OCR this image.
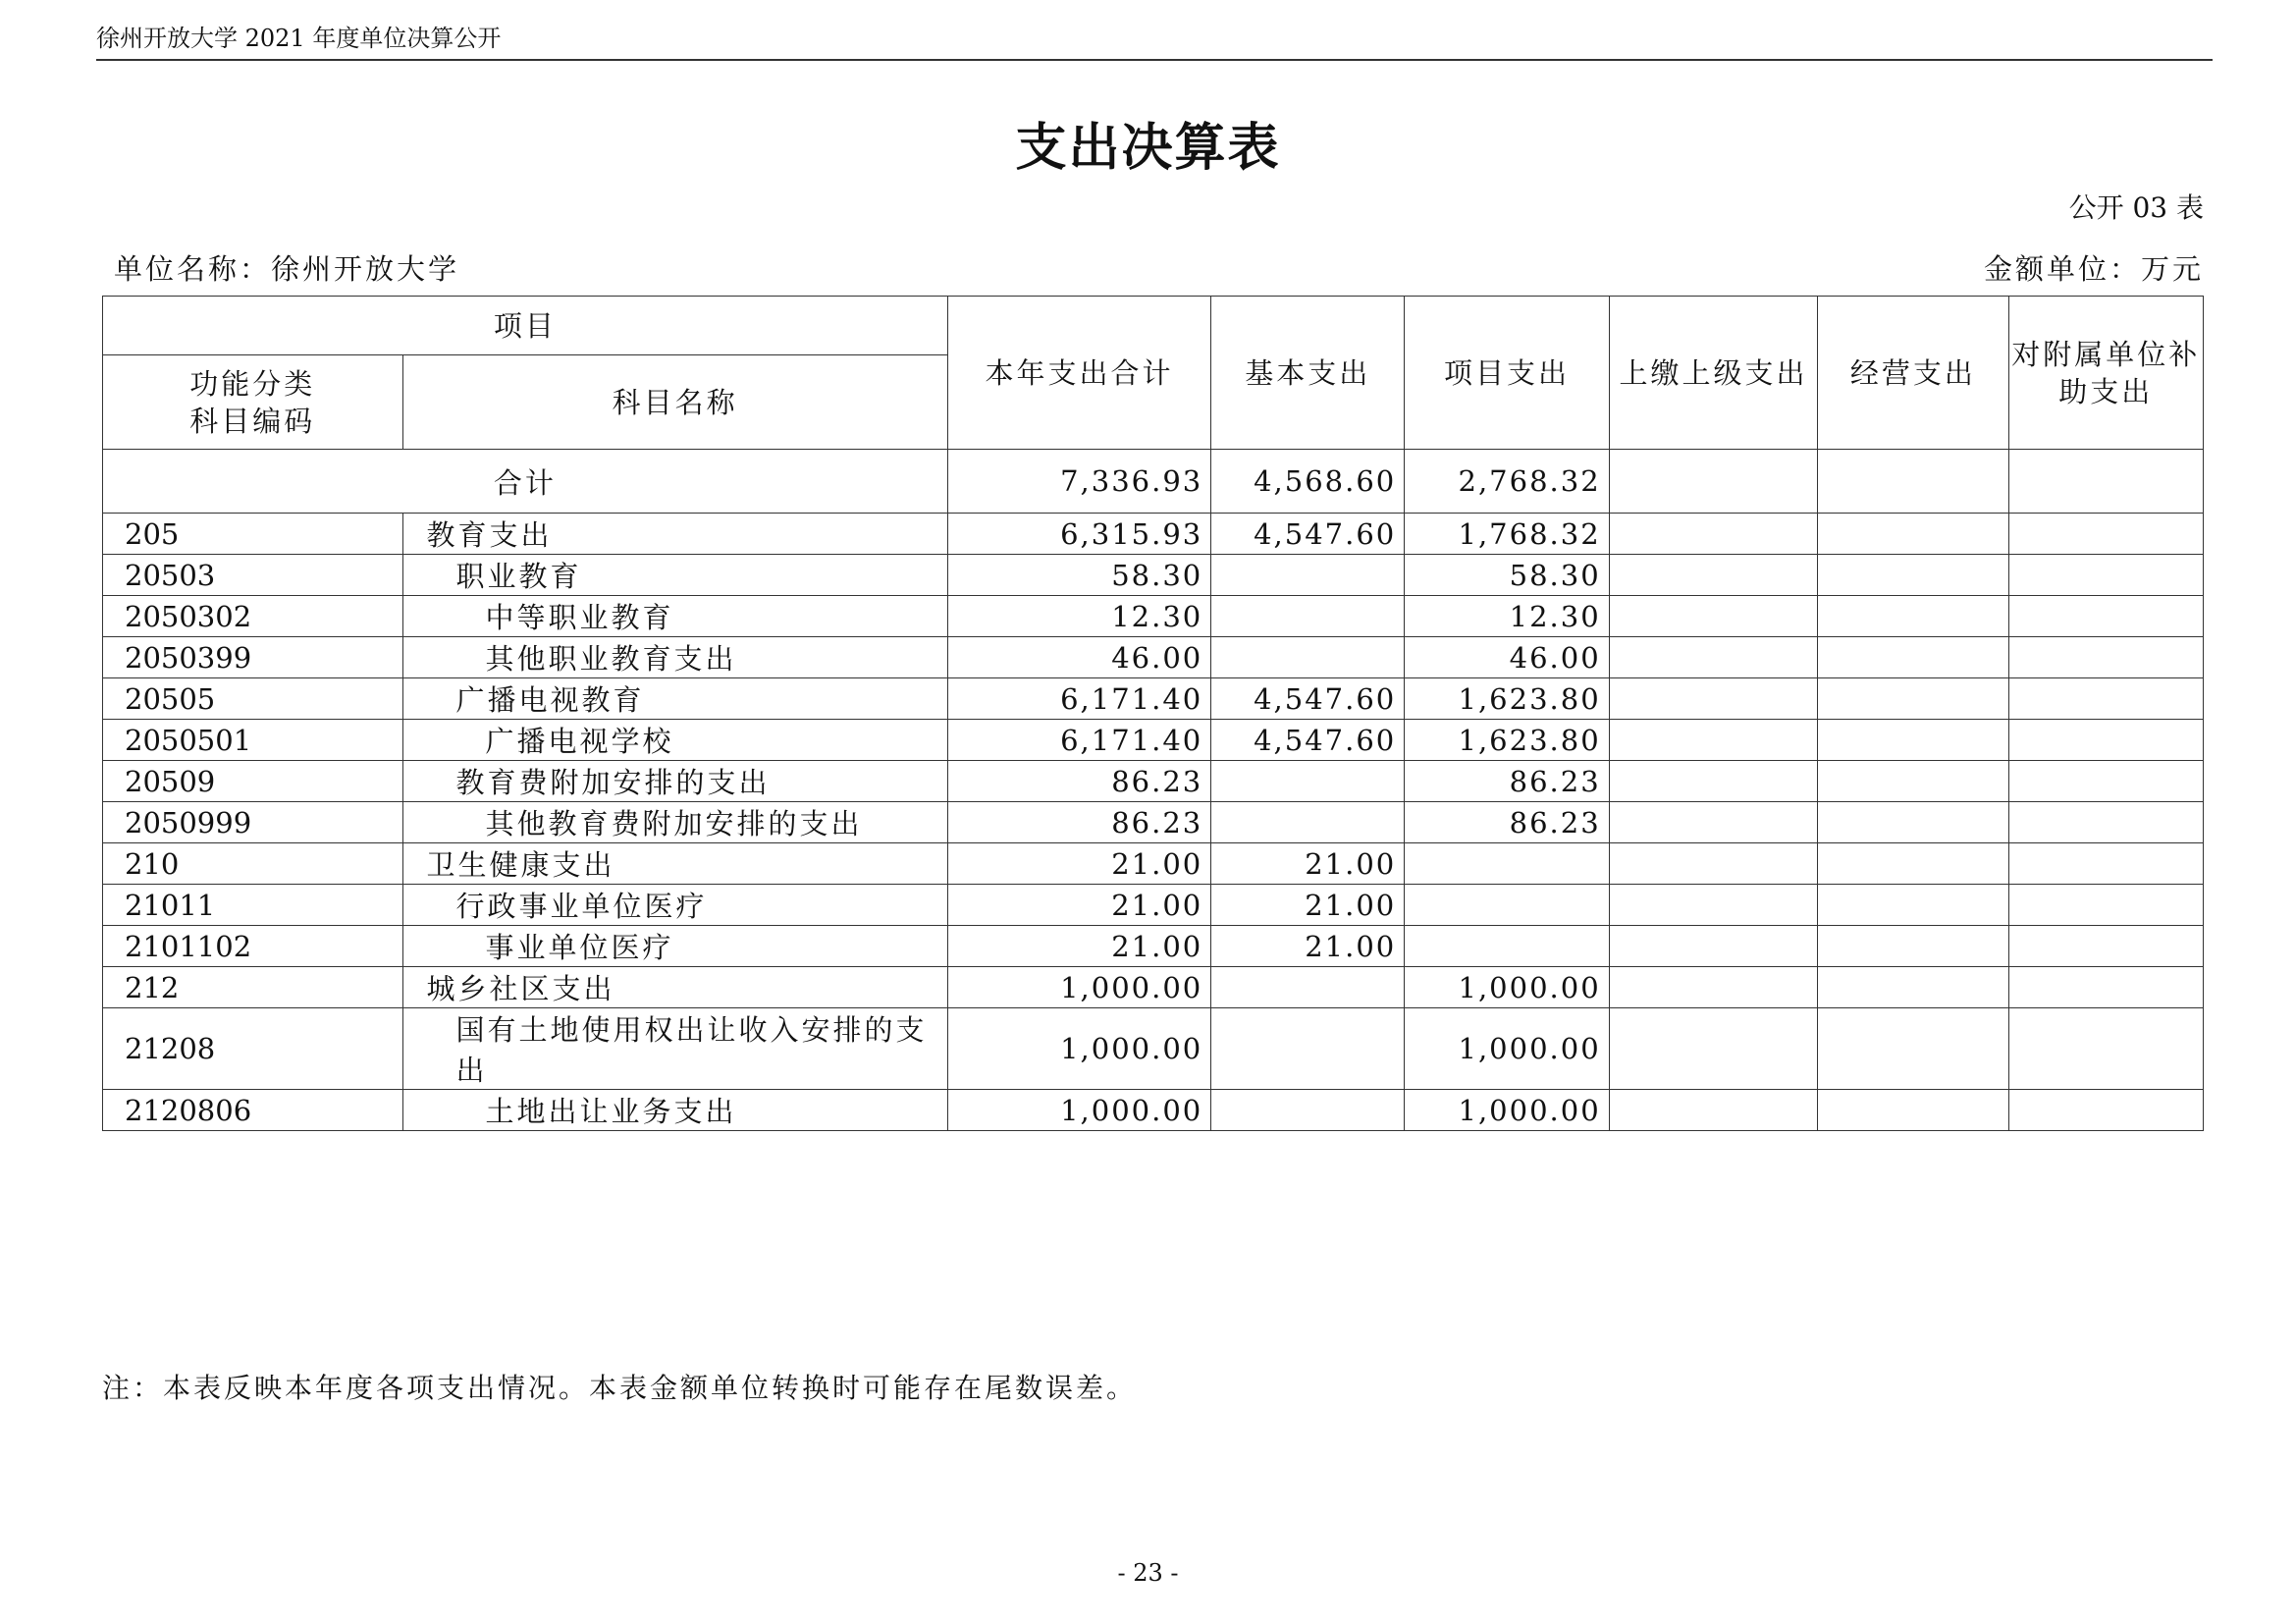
徐州开放大学 2021 年度单位决算公开
支出决算表
公开 03 表
单位名称：徐州开放大学	金额单位：万元
项目		本年支出合计	基本支出	项目支出	上缴上级支出	经营支出	对附属单位补
助支出

功能分类
科目编码	科目名称						
合计		7,336.93	4,568.60	2,768.32			
205	教育支出	6,315.93	4,547.60	1,768.32			
20503	职业教育	58.30		58.30			
2050302	中等职业教育	12.30		12.30			
2050399	其他职业教育支出	46.00		46.00			
20505	广播电视教育	6,171.40	4,547.60	1,623.80			
2050501	广播电视学校	6,171.40	4,547.60	1,623.80			
20509	教育费附加安排的支出	86.23		86.23			
2050999	其他教育费附加安排的支出	86.23		86.23			
210	卫生健康支出	21.00	21.00				
21011	行政事业单位医疗	21.00	21.00				
2101102	事业单位医疗	21.00	21.00				
212	城乡社区支出	1,000.00		1,000.00			
21208	国有土地使用权出让收入安排的支出	1,000.00		1,000.00			
2120806	土地出让业务支出	1,000.00		1,000.00			
注：本表反映本年度各项支出情况。本表金额单位转换时可能存在尾数误差。
- 23 -
